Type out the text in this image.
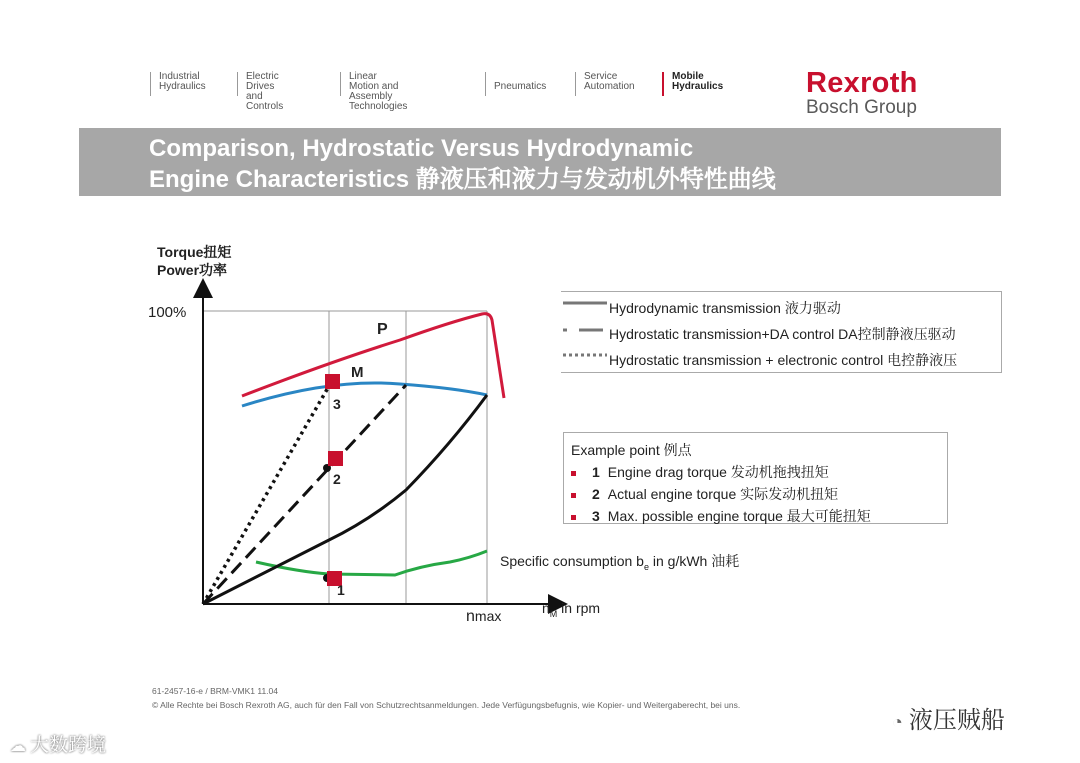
Industrial
Hydraulics
Electric Drives
and Controls
Linear Motion and
Assembly Technologies

Pneumatics
Service
Automation
Mobile
Hydraulics	Rexroth
Bosch Group
Comparison, Hydrostatic Versus Hydrodynamic
Engine Characteristics 静液压和液力与发动机外特性曲线
Torque扭矩
Power功率
100%
$n_M$ in rpm
nmax
P
M
Specific consumption $b_e$ in g/kWh 油耗
3
2
1
Hydrodynamic transmission 液力驱动
Hydrostatic transmission+DA control DA控制静液压驱动
Hydrostatic transmission + electronic control 电控静液压
Example point 例点
1 Engine drag torque 发动机拖拽扭矩
2 Actual engine torque 实际发动机扭矩
3 Max. possible engine torque 最大可能扭矩
61-2457-16-e / BRM-VMK1 11.04
© Alle Rechte bei Bosch Rexroth AG, auch für den Fall von Schutzrechtsanmeldungen. Jede Verfügungsbefugnis, wie Kopier- und Weitergaberecht, bei uns.
☁ 大数跨境
◔ 液压贼船
